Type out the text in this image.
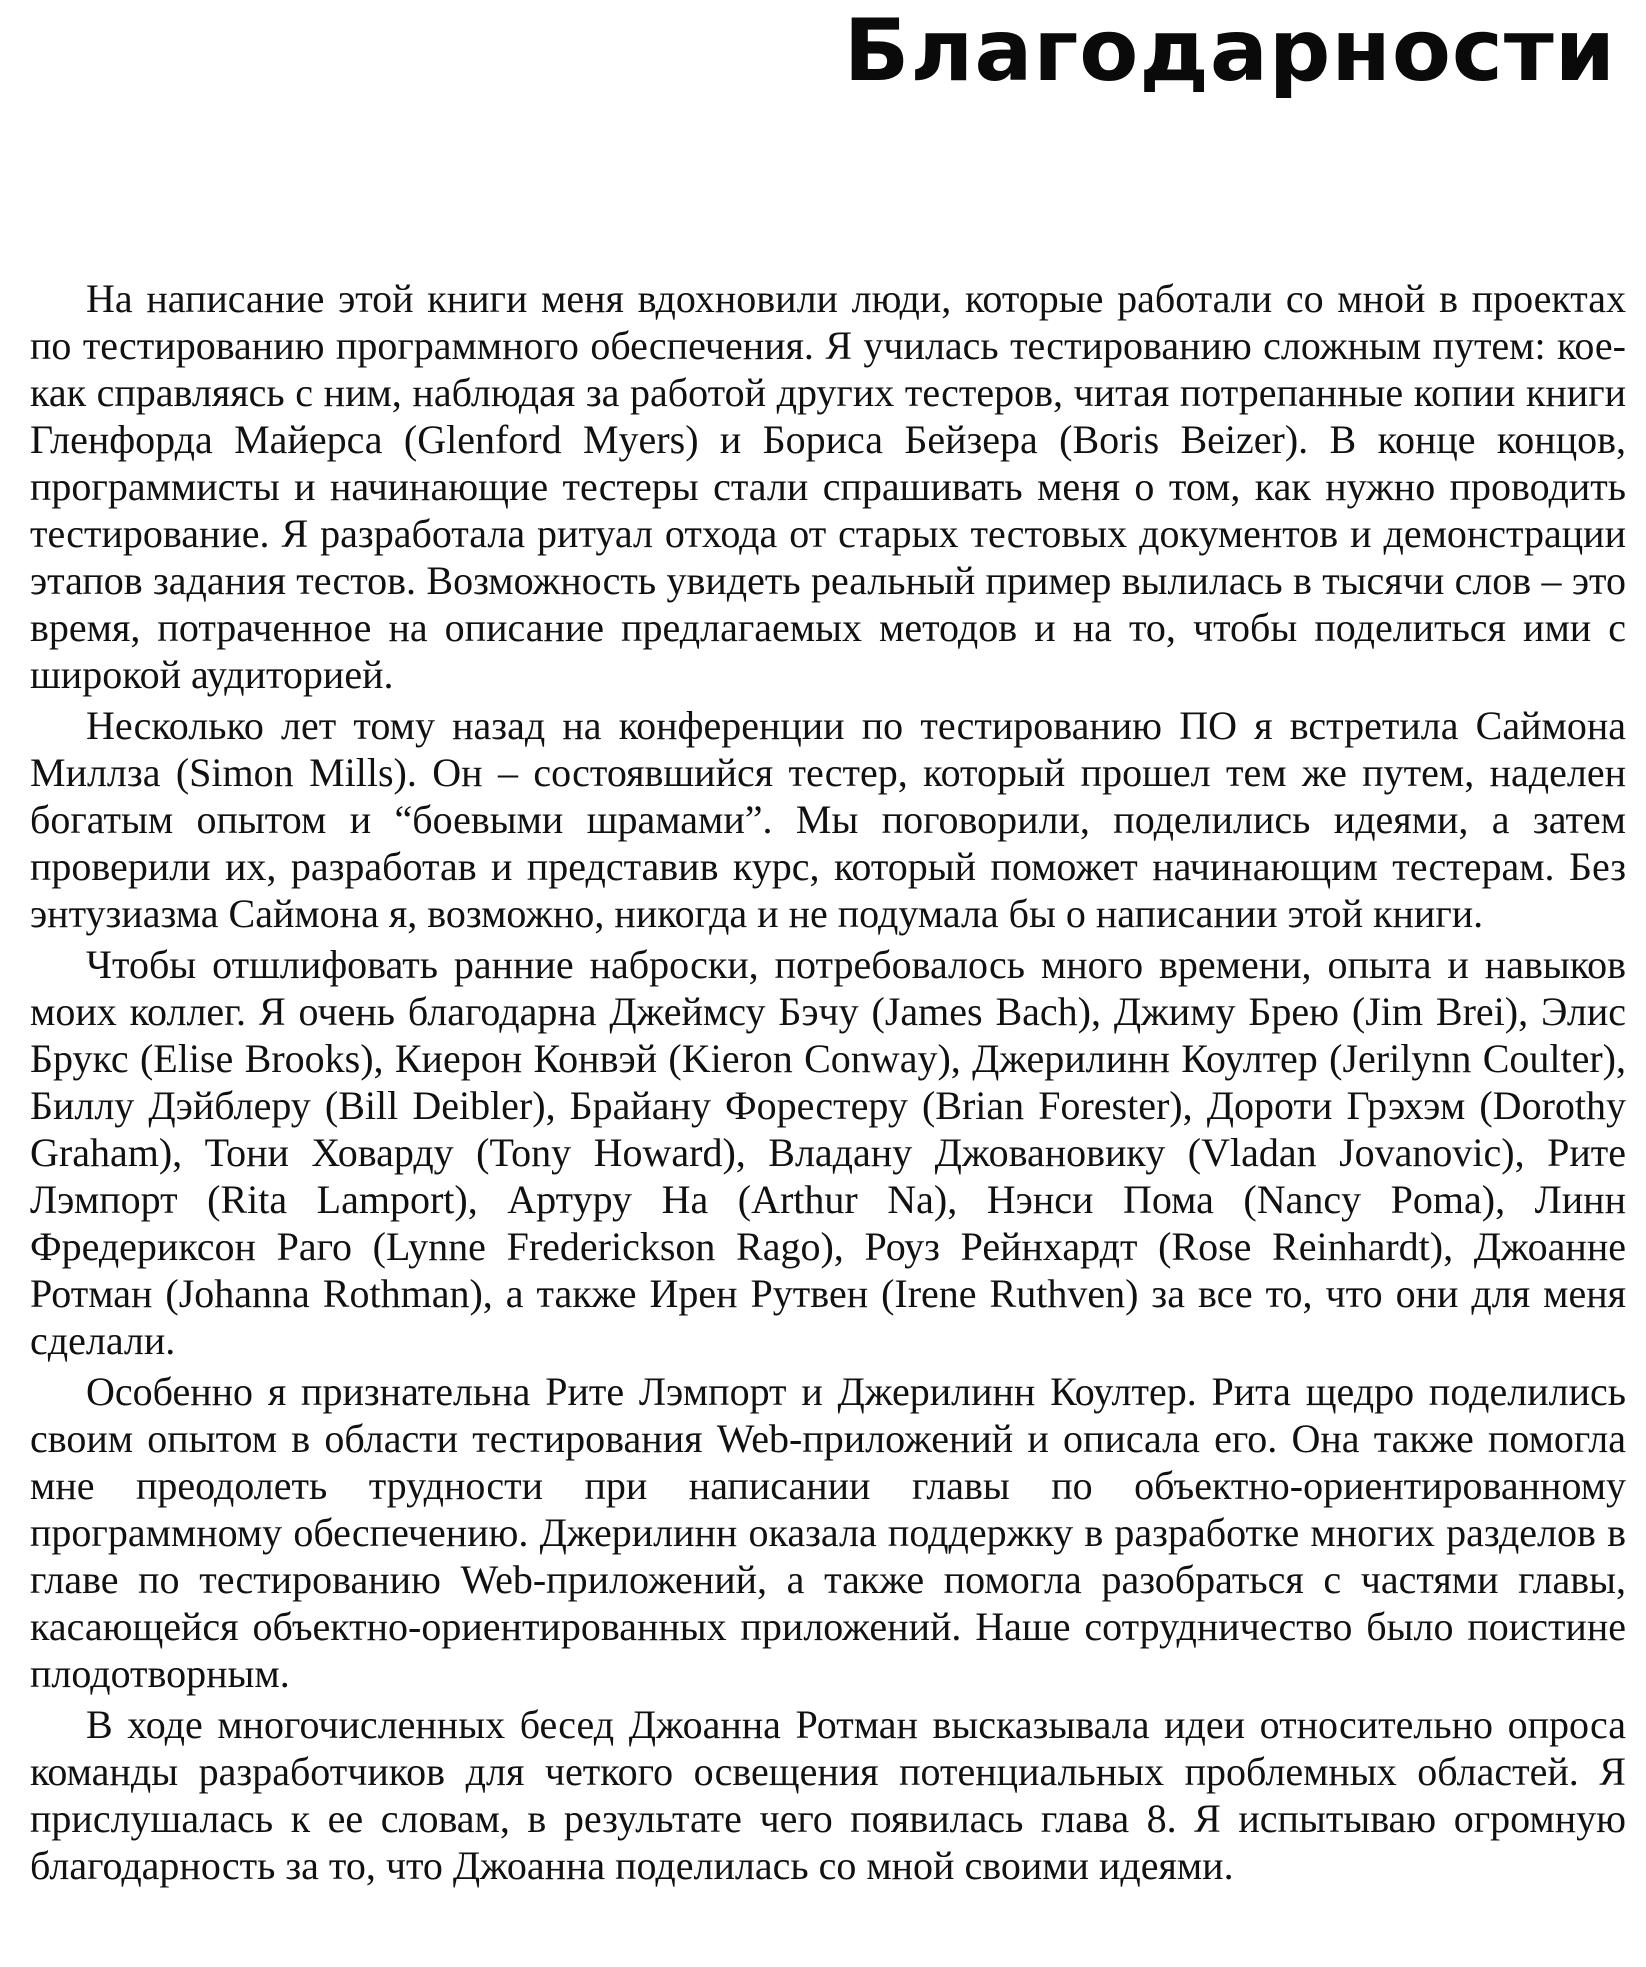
Благодарности

На написание этой книги меня вдохновили люди, которые работали со мной в проектах по тестированию программного обеспечения. Я училась тестированию сложным путем: кое-как справляясь с ним, наблюдая за работой других тестеров, читая потрепанные копии книги Гленфорда Майерса (Glenford Myers) и Бориса Бейзера (Boris Beizer). В конце концов, программисты и начинающие тестеры стали спрашивать меня о том, как нужно проводить тестирование. Я разработала ритуал отхода от старых тестовых документов и демонстрации этапов задания тестов. Возможность увидеть реальный пример вылилась в тысячи слов – это время, потраченное на описание предлагаемых методов и на то, чтобы поделиться ими с широкой аудиторией.

Несколько лет тому назад на конференции по тестированию ПО я встретила Саймона Миллза (Simon Mills). Он – состоявшийся тестер, который прошел тем же путем, наделен богатым опытом и “боевыми шрамами”. Мы поговорили, поделились идеями, а затем проверили их, разработав и представив курс, который поможет начинающим тестерам. Без энтузиазма Саймона я, возможно, никогда и не подумала бы о написании этой книги.

Чтобы отшлифовать ранние наброски, потребовалось много времени, опыта и навыков моих коллег. Я очень благодарна Джеймсу Бэчу (James Bach), Джиму Брею (Jim Brei), Элис Брукс (Elise Brooks), Киерон Конвэй (Kieron Conway), Джерилинн Коултер (Jerilynn Coulter), Биллу Дэйблеру (Bill Deibler), Брайану Форестеру (Brian Forester), Дороти Грэхэм (Dorothy Graham), Тони Ховарду (Tony Howard), Владану Джовановику (Vladan Jovanovic), Рите Лэмпорт (Rita Lamport), Артуру На (Arthur Na), Нэнси Пома (Nancy Poma), Линн Фредериксон Раго (Lynne Frederickson Rago), Роуз Рейнхардт (Rose Reinhardt), Джоанне Ротман (Johanna Rothman), а также Ирен Рутвен (Irene Ruthven) за все то, что они для меня сделали.

Особенно я признательна Рите Лэмпорт и Джерилинн Коултер. Рита щедро поделились своим опытом в области тестирования Web-приложений и описала его. Она также помогла мне преодолеть трудности при написании главы по объектно-ориентированному программному обеспечению. Джерилинн оказала поддержку в разработке многих разделов в главе по тестированию Web-приложений, а также помогла разобраться с частями главы, касающейся объектно-ориентированных приложений. Наше сотрудничество было поистине плодотворным.

В ходе многочисленных бесед Джоанна Ротман высказывала идеи относительно опроса команды разработчиков для четкого освещения потенциальных проблемных областей. Я прислушалась к ее словам, в результате чего появилась глава 8. Я испытываю огромную благодарность за то, что Джоанна поделилась со мной своими идеями.
